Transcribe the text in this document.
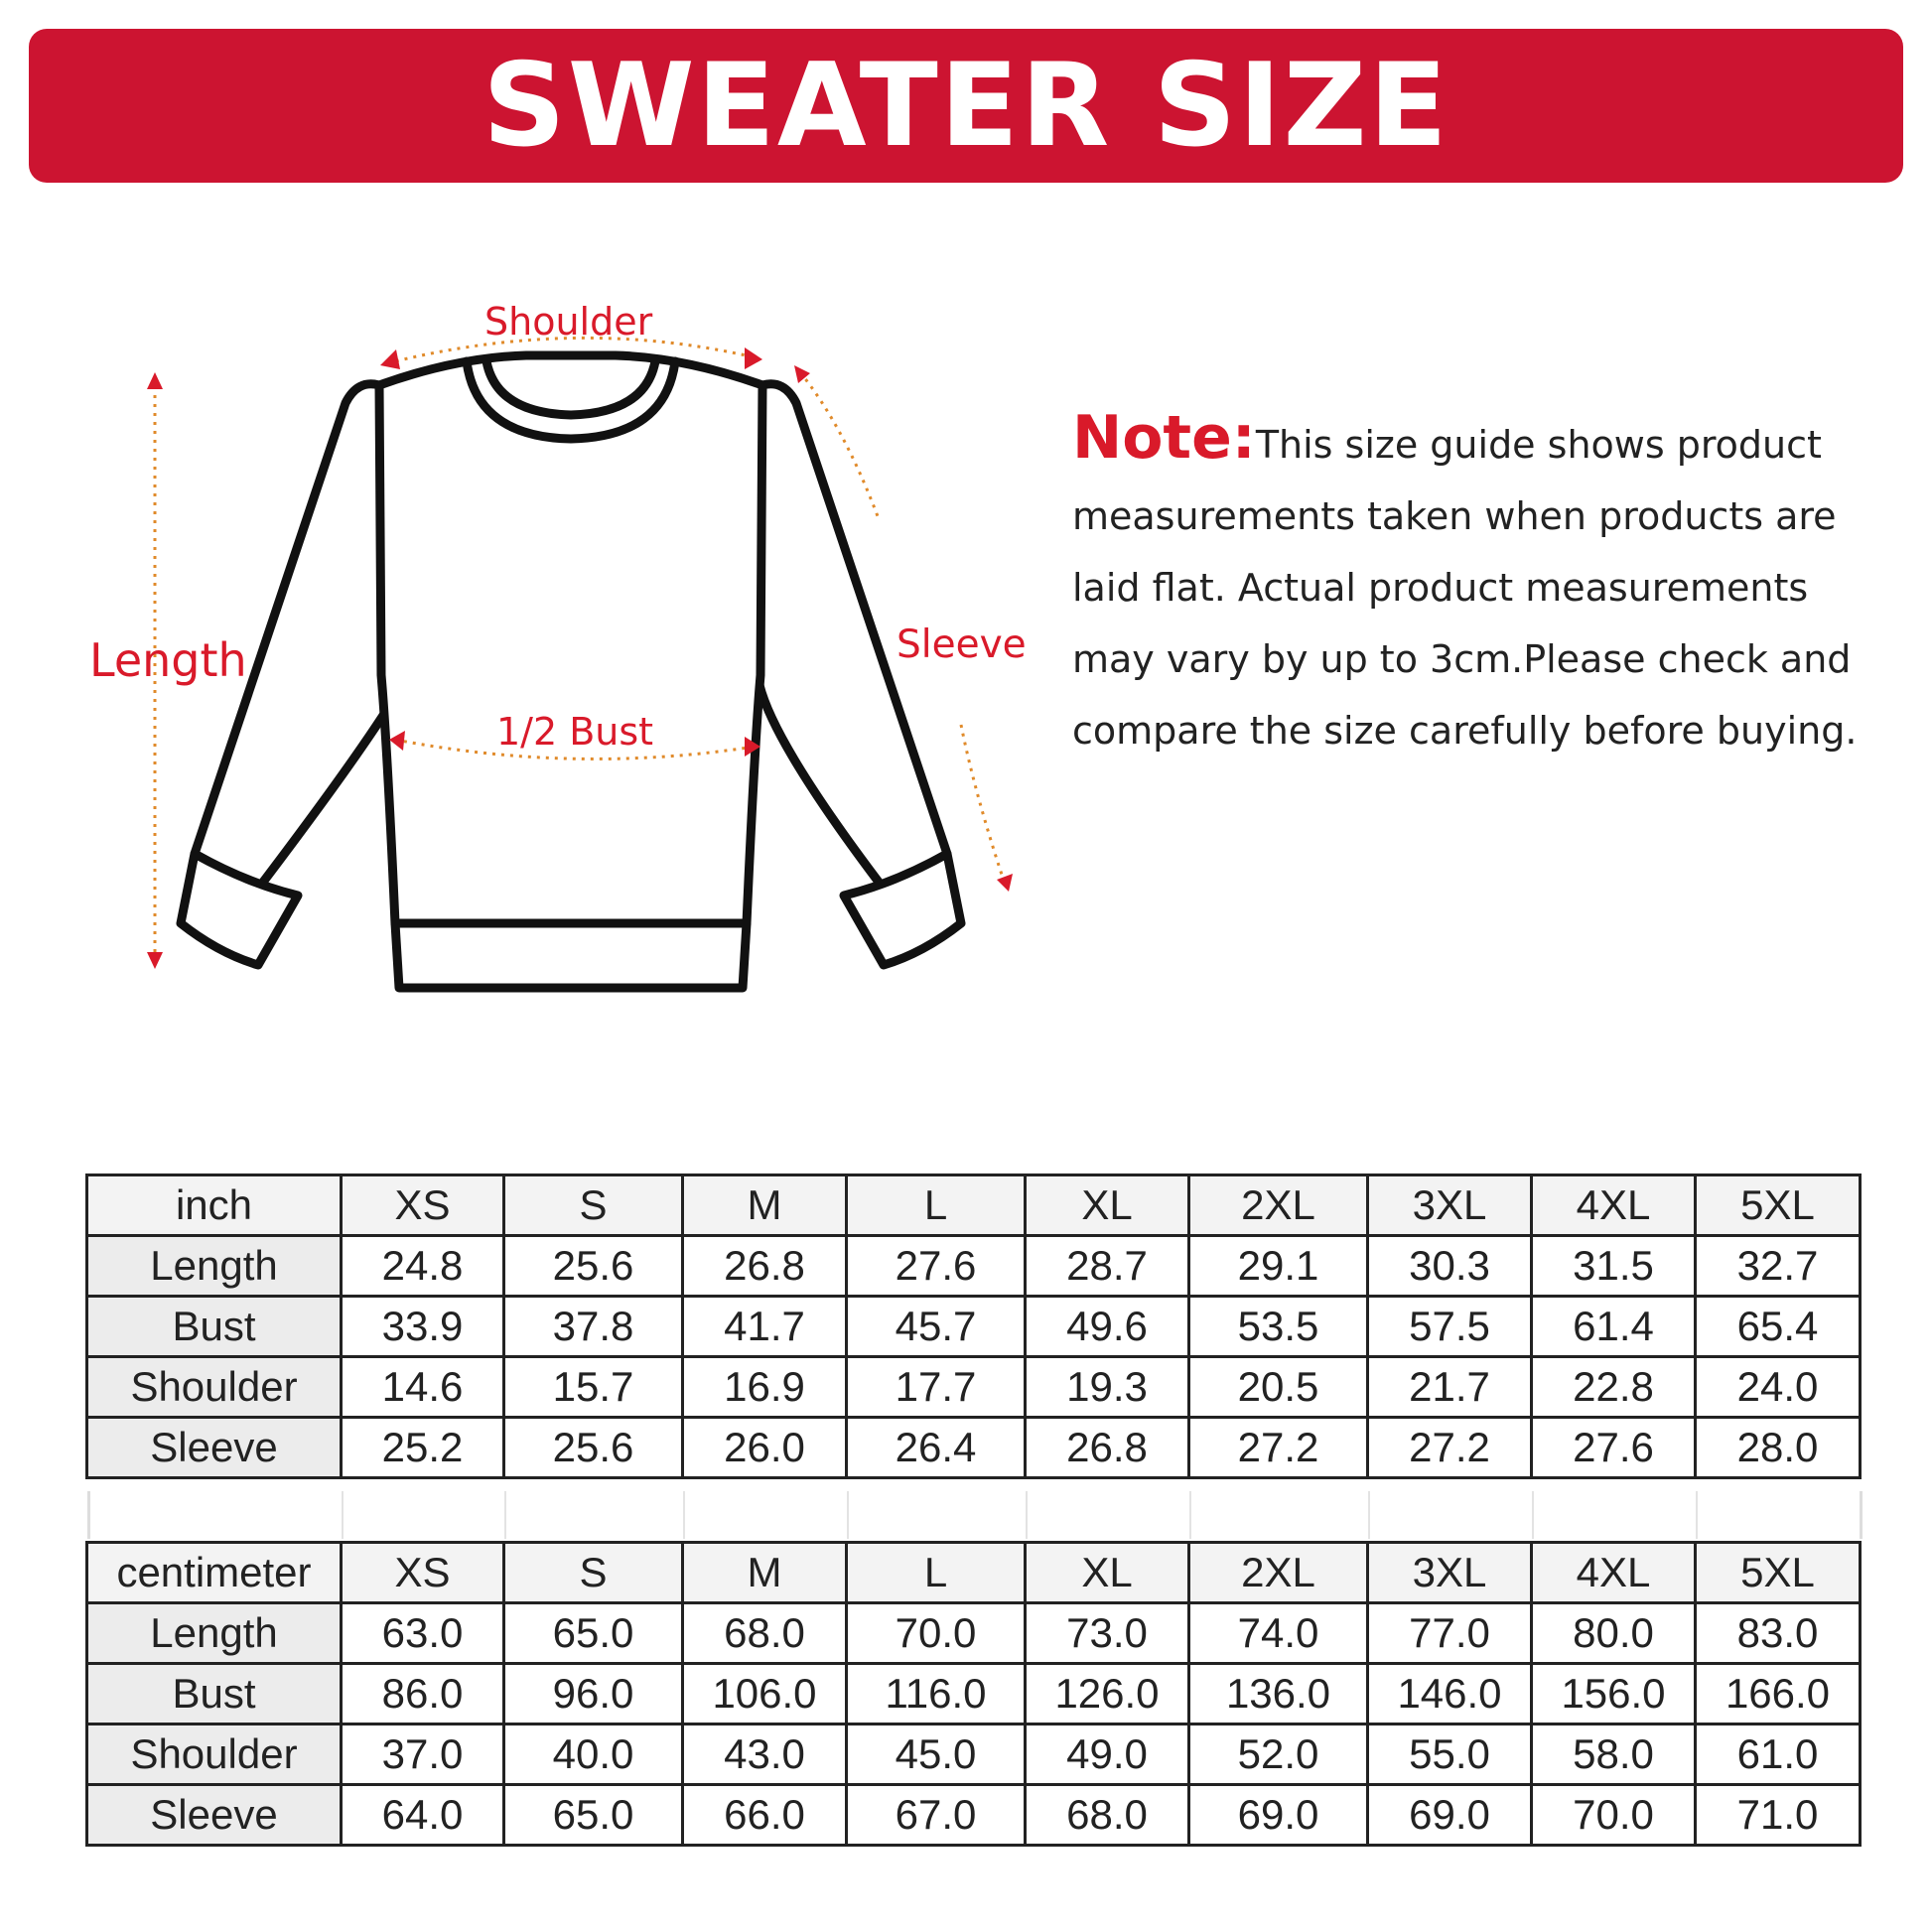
SWEATER SIZE
Shoulder
Length	Sleeve
1/2 Bust
Note:This size guide shows product measurements taken when products are laid flat. Actual product measurements may vary by up to 3cm.Please check and compare the size carefully before buying.
inch	XS	S	M	L	XL	2XL	3XL	4XL	5XL
Length	24.8	25.6	26.8	27.6	28.7	29.1	30.3	31.5	32.7
Bust	33.9	37.8	41.7	45.7	49.6	53.5	57.5	61.4	65.4
Shoulder	14.6	15.7	16.9	17.7	19.3	20.5	21.7	22.8	24.0
Sleeve	25.2	25.6	26.0	26.4	26.8	27.2	27.2	27.6	28.0
centimeter	XS	S	M	L	XL	2XL	3XL	4XL	5XL
Length	63.0	65.0	68.0	70.0	73.0	74.0	77.0	80.0	83.0
Bust	86.0	96.0	106.0	116.0	126.0	136.0	146.0	156.0	166.0
Shoulder	37.0	40.0	43.0	45.0	49.0	52.0	55.0	58.0	61.0
Sleeve	64.0	65.0	66.0	67.0	68.0	69.0	69.0	70.0	71.0
